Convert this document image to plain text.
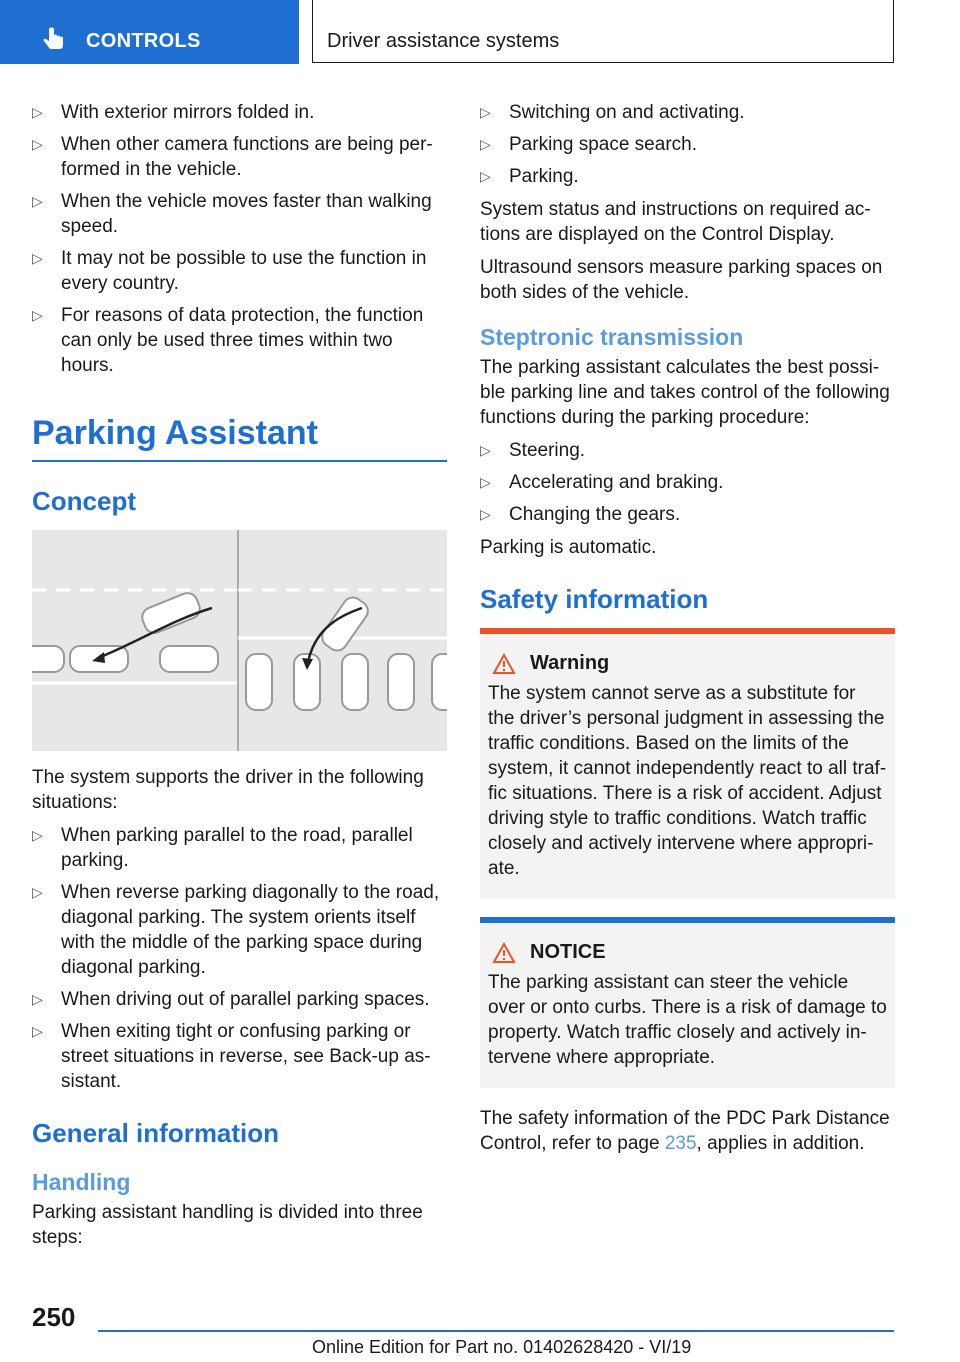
CONTROLS	Driver assistance systems
▷ With exterior mirrors folded in.
▷ When other camera functions are being per-formed in the vehicle.
▷ When the vehicle moves faster than walking speed.
▷ It may not be possible to use the function in every country.
▷ For reasons of data protection, the function can only be used three times within two hours.
Parking Assistant
Concept

The system supports the driver in the following situations:

▷ When parking parallel to the road, parallel parking.
▷ When reverse parking diagonally to the road, diagonal parking. The system orients itself with the middle of the parking space during diagonal parking.
▷ When driving out of parallel parking spaces.
▷ When exiting tight or confusing parking or street situations in reverse, see Back-up as-sistant.
General information
Handling

Parking assistant handling is divided into three steps:

▷ Switching on and activating.
▷ Parking space search.
▷ Parking.

System status and instructions on required ac-tions are displayed on the Control Display.

Ultrasound sensors measure parking spaces on both sides of the vehicle.

Steptronic transmission

The parking assistant calculates the best possi-ble parking line and takes control of the following functions during the parking procedure:

▷ Steering.
▷ Accelerating and braking.
▷ Changing the gears.

Parking is automatic.

Safety information
Warning

The system cannot serve as a substitute for the driver’s personal judgment in assessing the traffic conditions. Based on the limits of the system, it cannot independently react to all traf-fic situations. There is a risk of accident. Adjust driving style to traffic conditions. Watch traffic closely and actively intervene where appropri-ate.

NOTICE

The parking assistant can steer the vehicle over or onto curbs. There is a risk of damage to property. Watch traffic closely and actively in-tervene where appropriate.

The safety information of the PDC Park Distance Control, refer to page 235, applies in addition.

250
Online Edition for Part no. 01402628420 - VI/19
